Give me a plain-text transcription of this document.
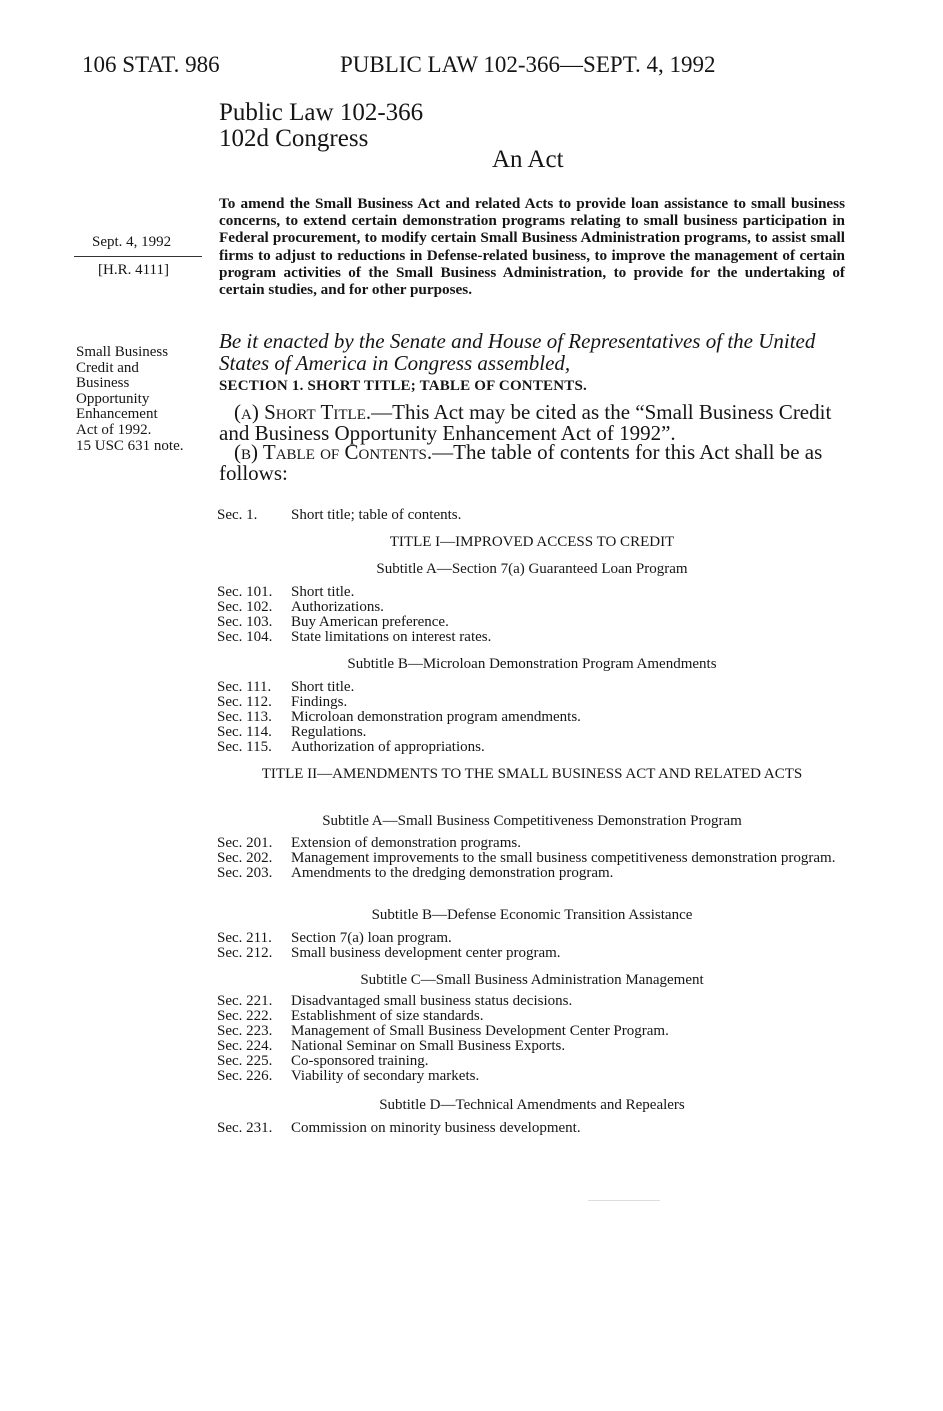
106 STAT. 986	PUBLIC LAW 102-366—SEPT. 4, 1992
Public Law 102-366
102d Congress
An Act
To amend the Small Business Act and related Acts to provide loan assistance to small business concerns, to extend certain demonstration programs relating to small business participation in Federal procurement, to modify certain Small Business Administration programs, to assist small firms to adjust to reductions in Defense-related business, to improve the management of certain program activities of the Small Business Administration, to provide for the undertaking of certain studies, and for other purposes.
Sept. 4, 1992
[H.R. 4111]
Small Business
Credit and
Business
Opportunity
Enhancement
Act of 1992.
15 USC 631 note.
Be it enacted by the Senate and House of Representatives of the United States of America in Congress assembled,
SECTION 1. SHORT TITLE; TABLE OF CONTENTS.
(a) Short Title.—This Act may be cited as the “Small Business Credit and Business Opportunity Enhancement Act of 1992”.
(b) Table of Contents.—The table of contents for this Act shall be as follows:
Sec. 1.	Short title; table of contents.
TITLE I—IMPROVED ACCESS TO CREDIT
Subtitle A—Section 7(a) Guaranteed Loan Program
Sec. 101.	Short title.
Sec. 102.	Authorizations.
Sec. 103.	Buy American preference.
Sec. 104.	State limitations on interest rates.
Subtitle B—Microloan Demonstration Program Amendments
Sec. 111.	Short title.
Sec. 112.	Findings.
Sec. 113.	Microloan demonstration program amendments.
Sec. 114.	Regulations.
Sec. 115.	Authorization of appropriations.
TITLE II—AMENDMENTS TO THE SMALL BUSINESS ACT AND RELATED ACTS
Subtitle A—Small Business Competitiveness Demonstration Program
Sec. 201.	Extension of demonstration programs.
Sec. 202.	Management improvements to the small business competitiveness demonstration program.
Sec. 203.	Amendments to the dredging demonstration program.
Subtitle B—Defense Economic Transition Assistance
Sec. 211.	Section 7(a) loan program.
Sec. 212.	Small business development center program.
Subtitle C—Small Business Administration Management
Sec. 221.	Disadvantaged small business status decisions.
Sec. 222.	Establishment of size standards.
Sec. 223.	Management of Small Business Development Center Program.
Sec. 224.	National Seminar on Small Business Exports.
Sec. 225.	Co-sponsored training.
Sec. 226.	Viability of secondary markets.
Subtitle D—Technical Amendments and Repealers
Sec. 231.	Commission on minority business development.
